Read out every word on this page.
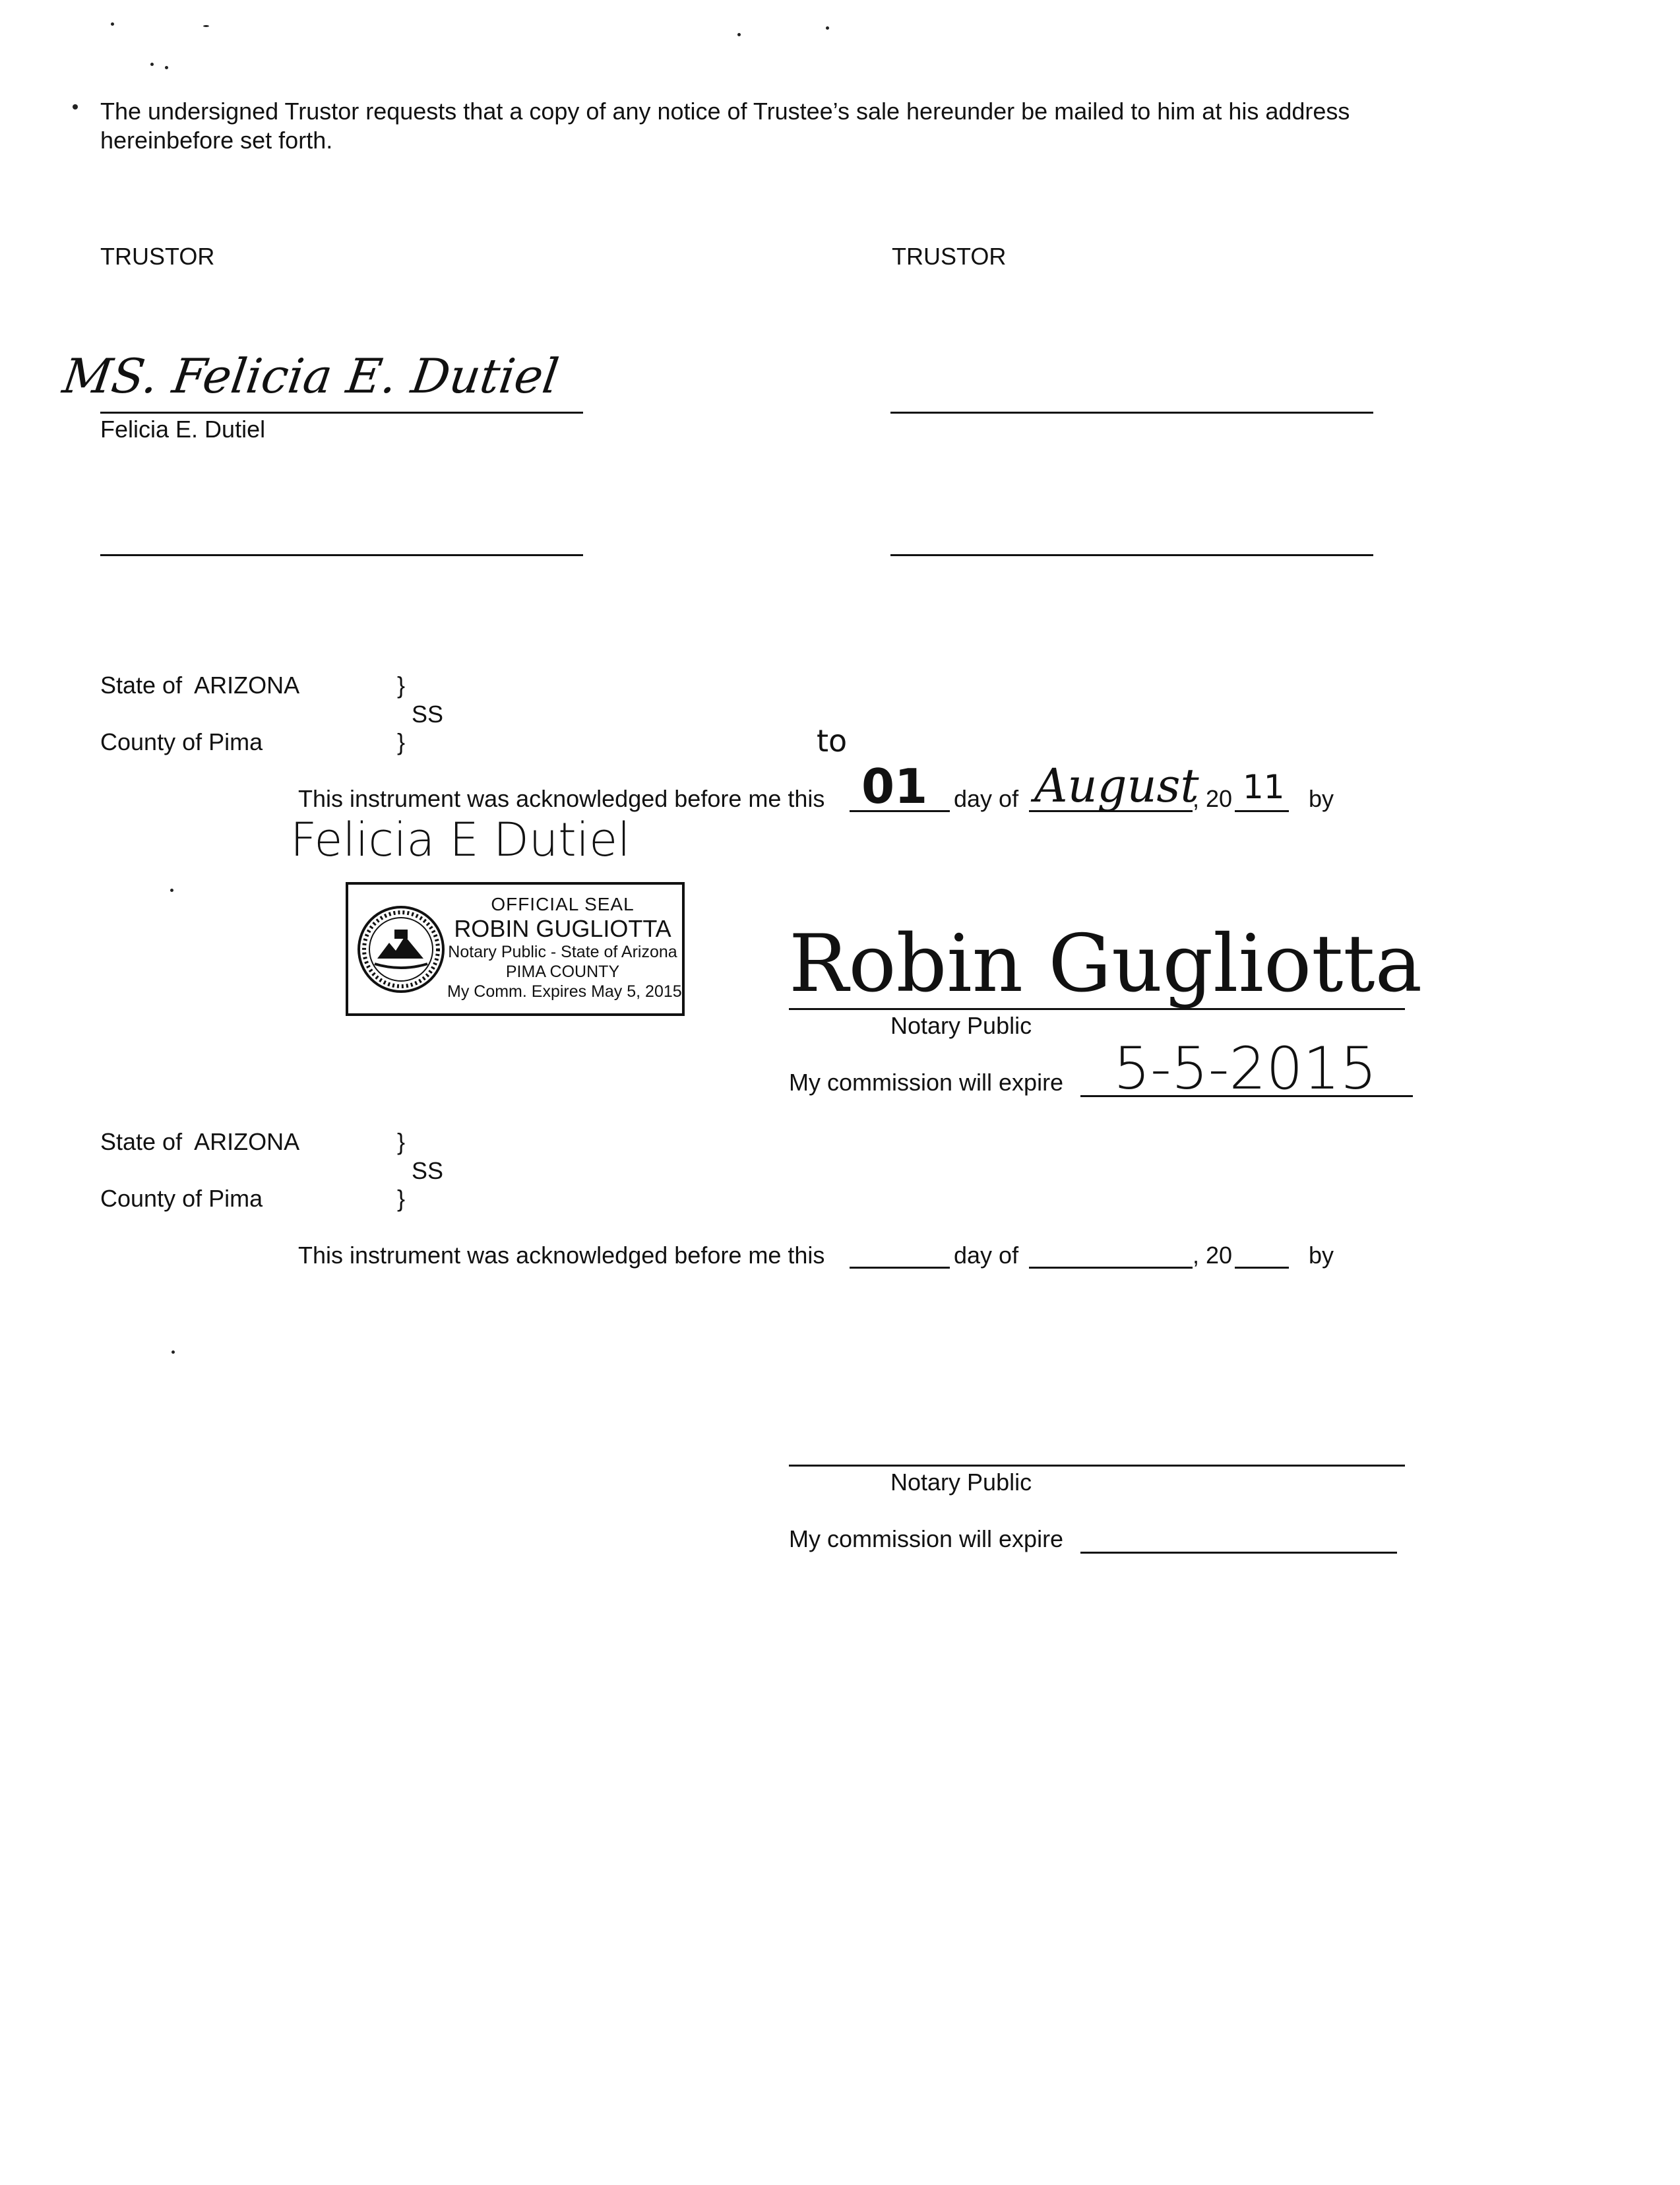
The undersigned Trustor requests that a copy of any notice of Trustee’s sale hereunder be mailed to him at his address
hereinbefore set forth.
TRUSTOR	TRUSTOR
MS. Felicia E. Dutiel
Felicia E. Dutiel
State of  ARIZONA	}
SS
County of Pima	}
This instrument was acknowledged before me this
to
01 day of August
, 20 11 by
Felicia E Dutiel
OFFICIAL SEAL
ROBIN GUGLIOTTA
Notary Public - State of Arizona
PIMA COUNTY
My Comm. Expires May 5, 2015 Robin Gugliotta
Notary Public
My commission will expire 5-5-2015
State of  ARIZONA	}
SS
County of Pima	}
This instrument was acknowledged before me this	day of	, 20	by
Notary Public
My commission will expire
